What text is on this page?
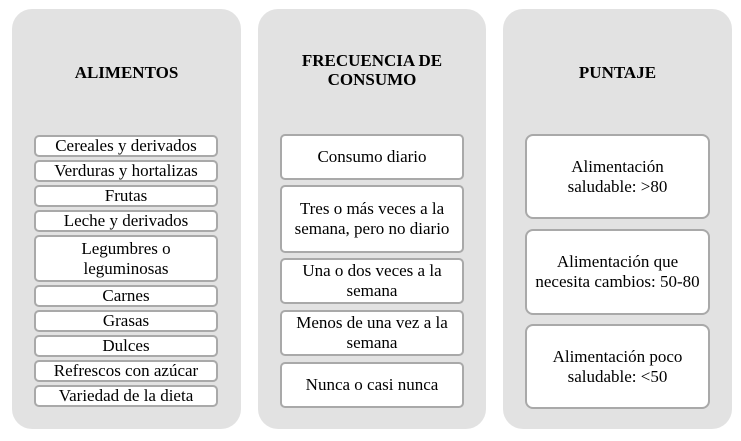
ALIMENTOS
Cereales y derivados
Verduras y hortalizas
Frutas
Leche y derivados
Legumbres o leguminosas
Carnes
Grasas
Dulces
Refrescos con azúcar
Variedad de la dieta
FRECUENCIA DE CONSUMO
Consumo diario
Tres o más veces a la semana, pero no diario
Una o dos veces a la semana
Menos de una vez a la semana
Nunca o casi nunca
PUNTAJE
Alimentación saludable: >80
Alimentación que necesita cambios: 50-80
Alimentación poco saludable: <50
